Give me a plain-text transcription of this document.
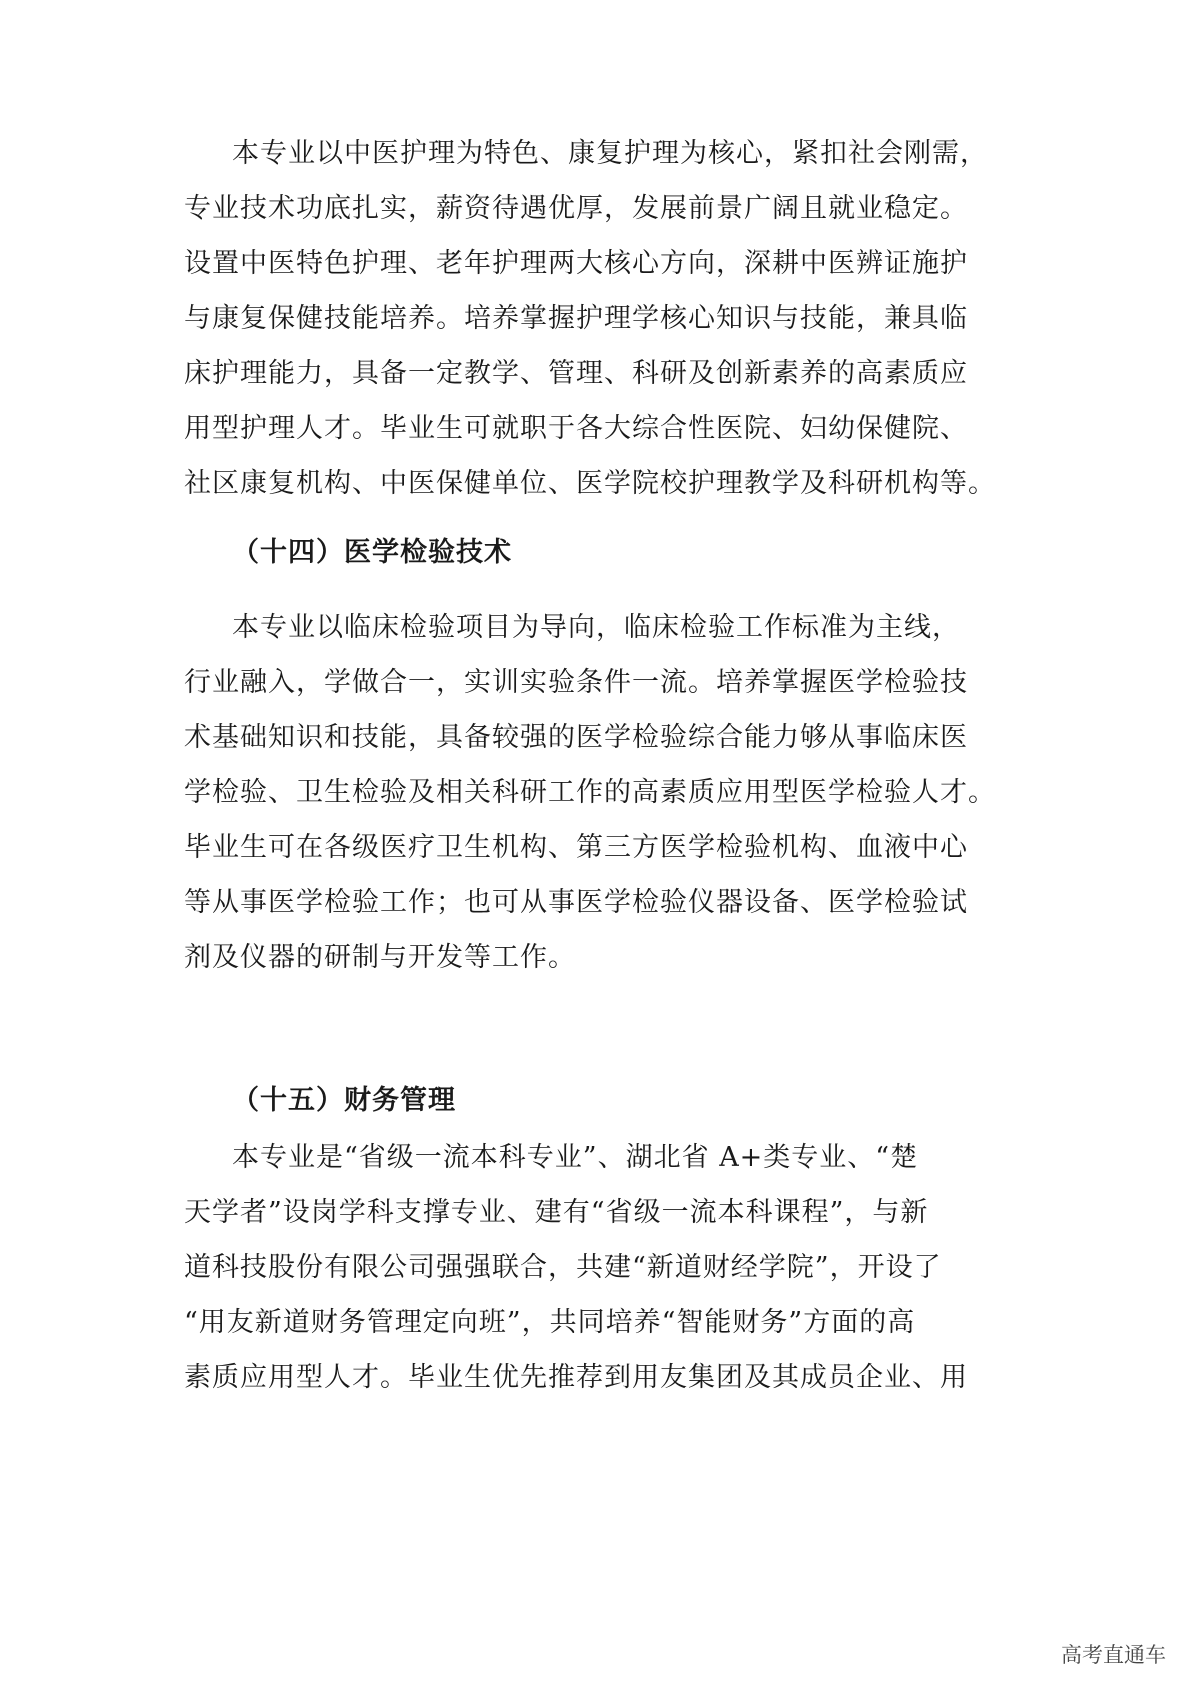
本专业以中医护理为特色、康复护理为核心，紧扣社会刚需，
专业技术功底扎实，薪资待遇优厚，发展前景广阔且就业稳定。
设置中医特色护理、老年护理两大核心方向，深耕中医辨证施护
与康复保健技能培养。培养掌握护理学核心知识与技能，兼具临
床护理能力，具备一定教学、管理、科研及创新素养的高素质应
用型护理人才。毕业生可就职于各大综合性医院、妇幼保健院、
社区康复机构、中医保健单位、医学院校护理教学及科研机构等。
（十四）医学检验技术
本专业以临床检验项目为导向，临床检验工作标准为主线，
行业融入，学做合一，实训实验条件一流。培养掌握医学检验技
术基础知识和技能，具备较强的医学检验综合能力够从事临床医
学检验、卫生检验及相关科研工作的高素质应用型医学检验人才。
毕业生可在各级医疗卫生机构、第三方医学检验机构、血液中心
等从事医学检验工作；也可从事医学检验仪器设备、医学检验试
剂及仪器的研制与开发等工作。
（十五）财务管理
本专业是“省级一流本科专业”、湖北省 A+类专业、“楚
天学者”设岗学科支撑专业、建有“省级一流本科课程”，与新
道科技股份有限公司强强联合，共建“新道财经学院”，开设了
“用友新道财务管理定向班”，共同培养“智能财务”方面的高
素质应用型人才。毕业生优先推荐到用友集团及其成员企业、用
高考直通车
